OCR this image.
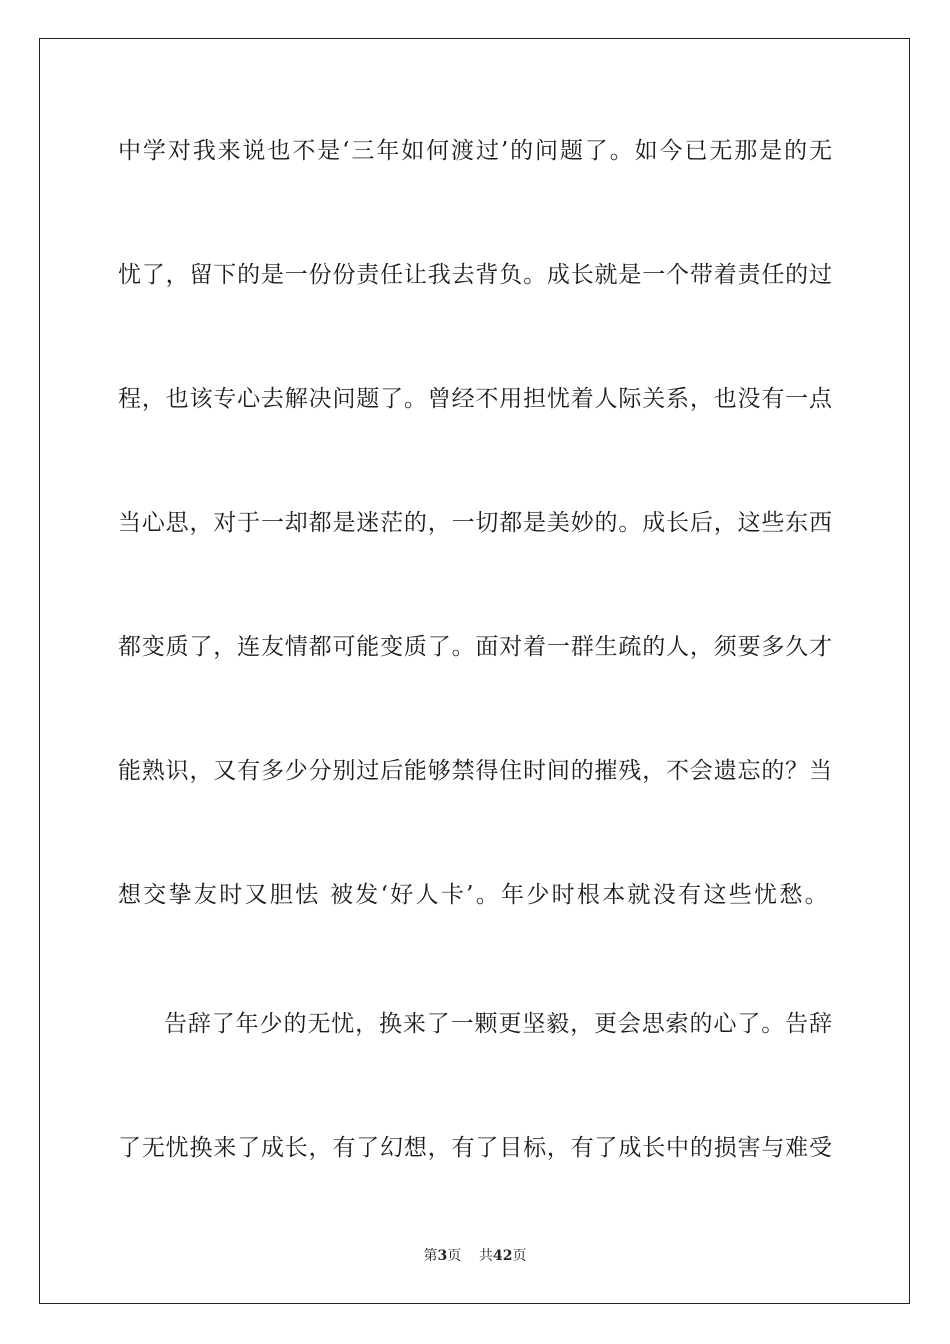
中学对我来说也不是‘三年如何渡过’的问题了。如今已无那是的无
忧了，留下的是一份份责任让我去背负。成长就是一个带着责任的过
程，也该专心去解决问题了。曾经不用担忧着人际关系，也没有一点
当心思，对于一却都是迷茫的，一切都是美妙的。成长后，这些东西
都变质了，连友情都可能变质了。面对着一群生疏的人，须要多久才
能熟识，又有多少分别过后能够禁得住时间的摧残，不会遗忘的？当
想交挚友时又胆怯 被发‘好人卡’。年少时根本就没有这些忧愁。
告辞了年少的无忧，换来了一颗更坚毅，更会思索的心了。告辞
了无忧换来了成长，有了幻想，有了目标，有了成长中的损害与难受
第3页 共42页
